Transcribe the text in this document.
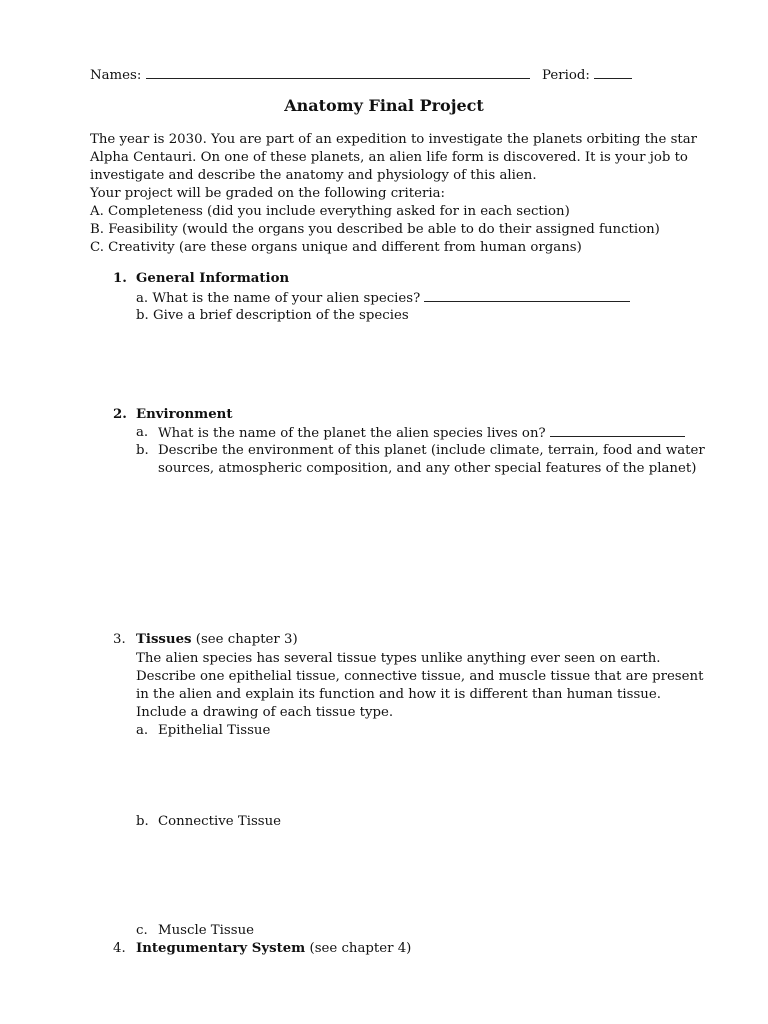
Names:	Period:
Anatomy Final Project
The year is 2030. You are part of an expedition to investigate the planets orbiting the star
Alpha Centauri. On one of these planets, an alien life form is discovered. It is your job to
investigate and describe the anatomy and physiology of this alien.
Your project will be graded on the following criteria:
A. Completeness (did you include everything asked for in each section)
B. Feasibility (would the organs you described be able to do their assigned function)
C. Creativity (are these organs unique and different from human organs)
1. General Information
a. What is the name of your alien species?
b. Give a brief description of the species
2. Environment
a. What is the name of the planet the alien species lives on?
b. Describe the environment of this planet (include climate, terrain, food and water
sources, atmospheric composition, and any other special features of the planet)
3. Tissues (see chapter 3)
The alien species has several tissue types unlike anything ever seen on earth.
Describe one epithelial tissue, connective tissue, and muscle tissue that are present
in the alien and explain its function and how it is different than human tissue.
Include a drawing of each tissue type.
a. Epithelial Tissue
b. Connective Tissue
c. Muscle Tissue
4. Integumentary System (see chapter 4)
